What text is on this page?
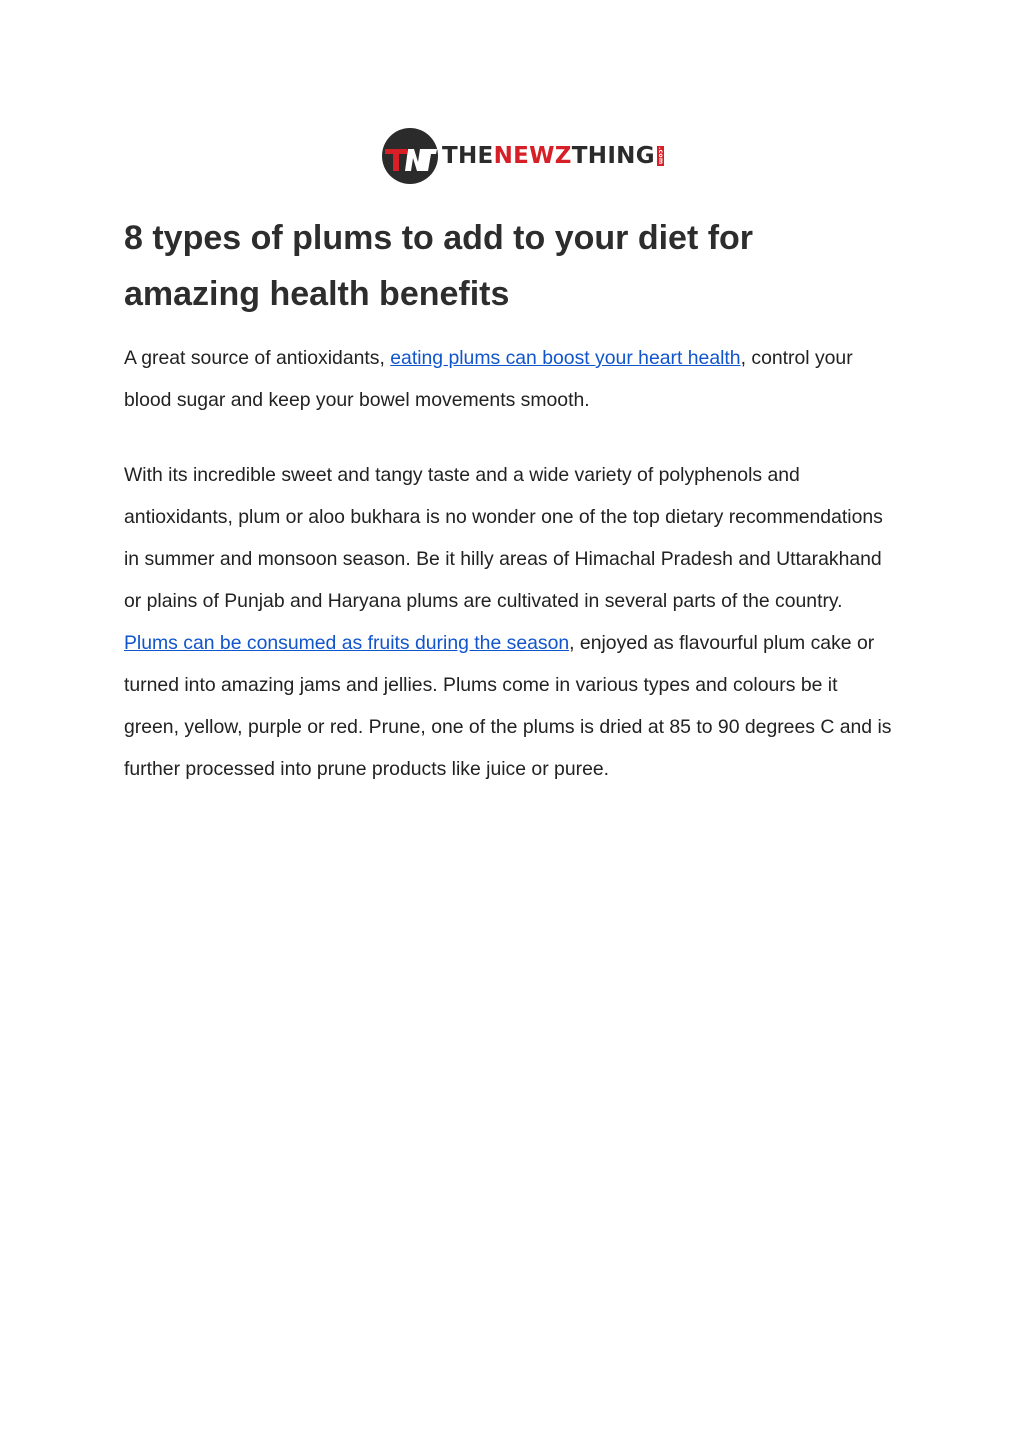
THE NEWZ THING .com
8 types of plums to add to your diet for amazing health benefits

A great source of antioxidants, eating plums can boost your heart health, control your blood sugar and keep your bowel movements smooth.

With its incredible sweet and tangy taste and a wide variety of polyphenols and antioxidants, plum or aloo bukhara is no wonder one of the top dietary recommendations in summer and monsoon season. Be it hilly areas of Himachal Pradesh and Uttarakhand or plains of Punjab and Haryana plums are cultivated in several parts of the country. Plums can be consumed as fruits during the season, enjoyed as flavourful plum cake or turned into amazing jams and jellies. Plums come in various types and colours be it green, yellow, purple or red. Prune, one of the plums is dried at 85 to 90 degrees C and is further processed into prune products like juice or puree.
